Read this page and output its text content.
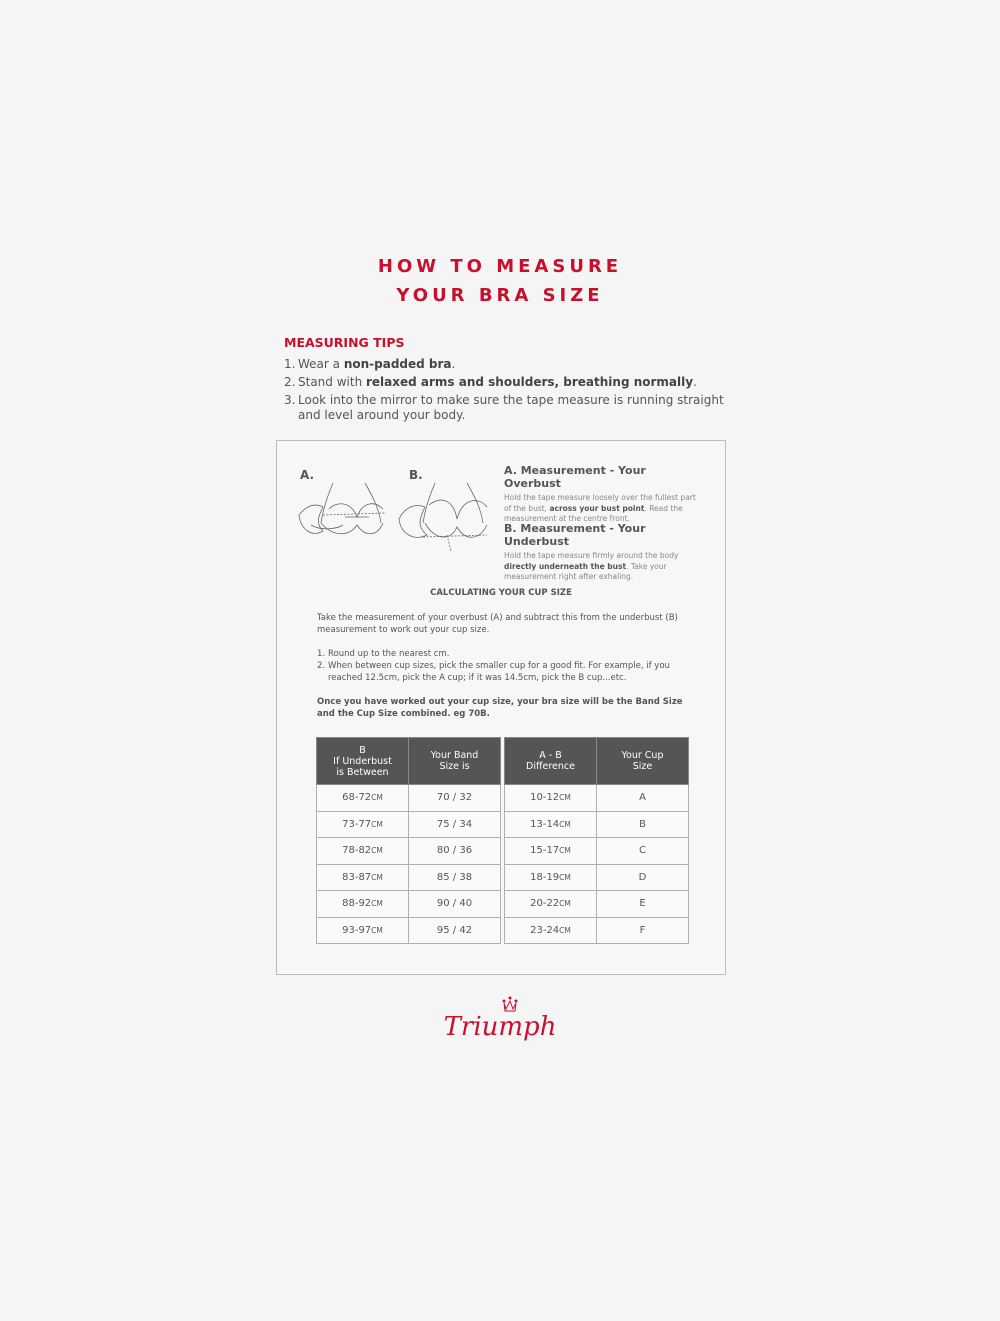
HOW TO MEASURE
YOUR BRA SIZE
MEASURING TIPS
1. Wear a non-padded bra.
2. Stand with relaxed arms and shoulders, breathing normally.
3. Look into the mirror to make sure the tape measure is running straight and level around your body.
A.	B.	A. Measurement - Your Overbust

Hold the tape measure loosely over the fullest part of the bust, across your bust point. Read the measurement at the centre front.

B. Measurement - Your Underbust

Hold the tape measure firmly around the body directly underneath the bust. Take your measurement right after exhaling.

CALCULATING YOUR CUP SIZE
Take the measurement of your overbust (A) and subtract this from the underbust (B) measurement to work out your cup size.
1. Round up to the nearest cm.
2. When between cup sizes, pick the smaller cup for a good fit. For example, if you reached 12.5cm, pick the A cup; if it was 14.5cm, pick the B cup...etc.
Once you have worked out your cup size, your bra size will be the Band Size and the Cup Size combined. eg 70B.
B
If Underbust
is Between	Your Band
Size is
68-72CM	70 / 32
73-77CM	75 / 34
78-82CM	80 / 36
83-87CM	85 / 38
88-92CM	90 / 40
93-97CM	95 / 42
A - B
Difference	Your Cup
Size
10-12CM	A
13-14CM	B
15-17CM	C
18-19CM	D
20-22CM	E
23-24CM	F
Triumph
